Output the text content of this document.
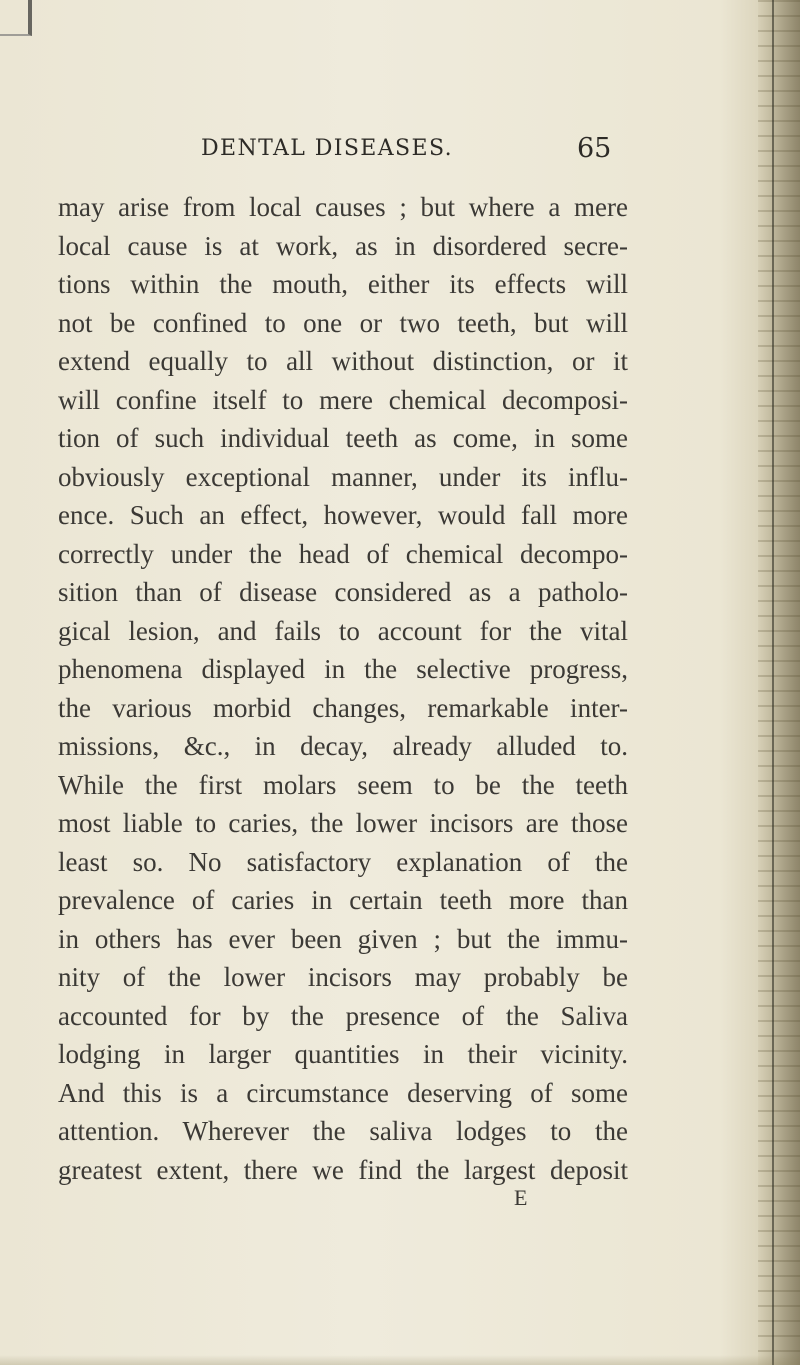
DENTAL DISEASES.	65
may arise from local causes ; but where a mere
local cause is at work, as in disordered secre-
tions within the mouth, either its effects will
not be confined to one or two teeth, but will
extend equally to all without distinction, or it
will confine itself to mere chemical decomposi-
tion of such individual teeth as come, in some
obviously exceptional manner, under its influ-
ence. Such an effect, however, would fall more
correctly under the head of chemical decompo-
sition than of disease considered as a patholo-
gical lesion, and fails to account for the vital
phenomena displayed in the selective progress,
the various morbid changes, remarkable inter-
missions, &c., in decay, already alluded to.
While the first molars seem to be the teeth
most liable to caries, the lower incisors are those
least so. No satisfactory explanation of the
prevalence of caries in certain teeth more than
in others has ever been given ; but the immu-
nity of the lower incisors may probably be
accounted for by the presence of the Saliva
lodging in larger quantities in their vicinity.
And this is a circumstance deserving of some
attention. Wherever the saliva lodges to the
greatest extent, there we find the largest deposit
E
